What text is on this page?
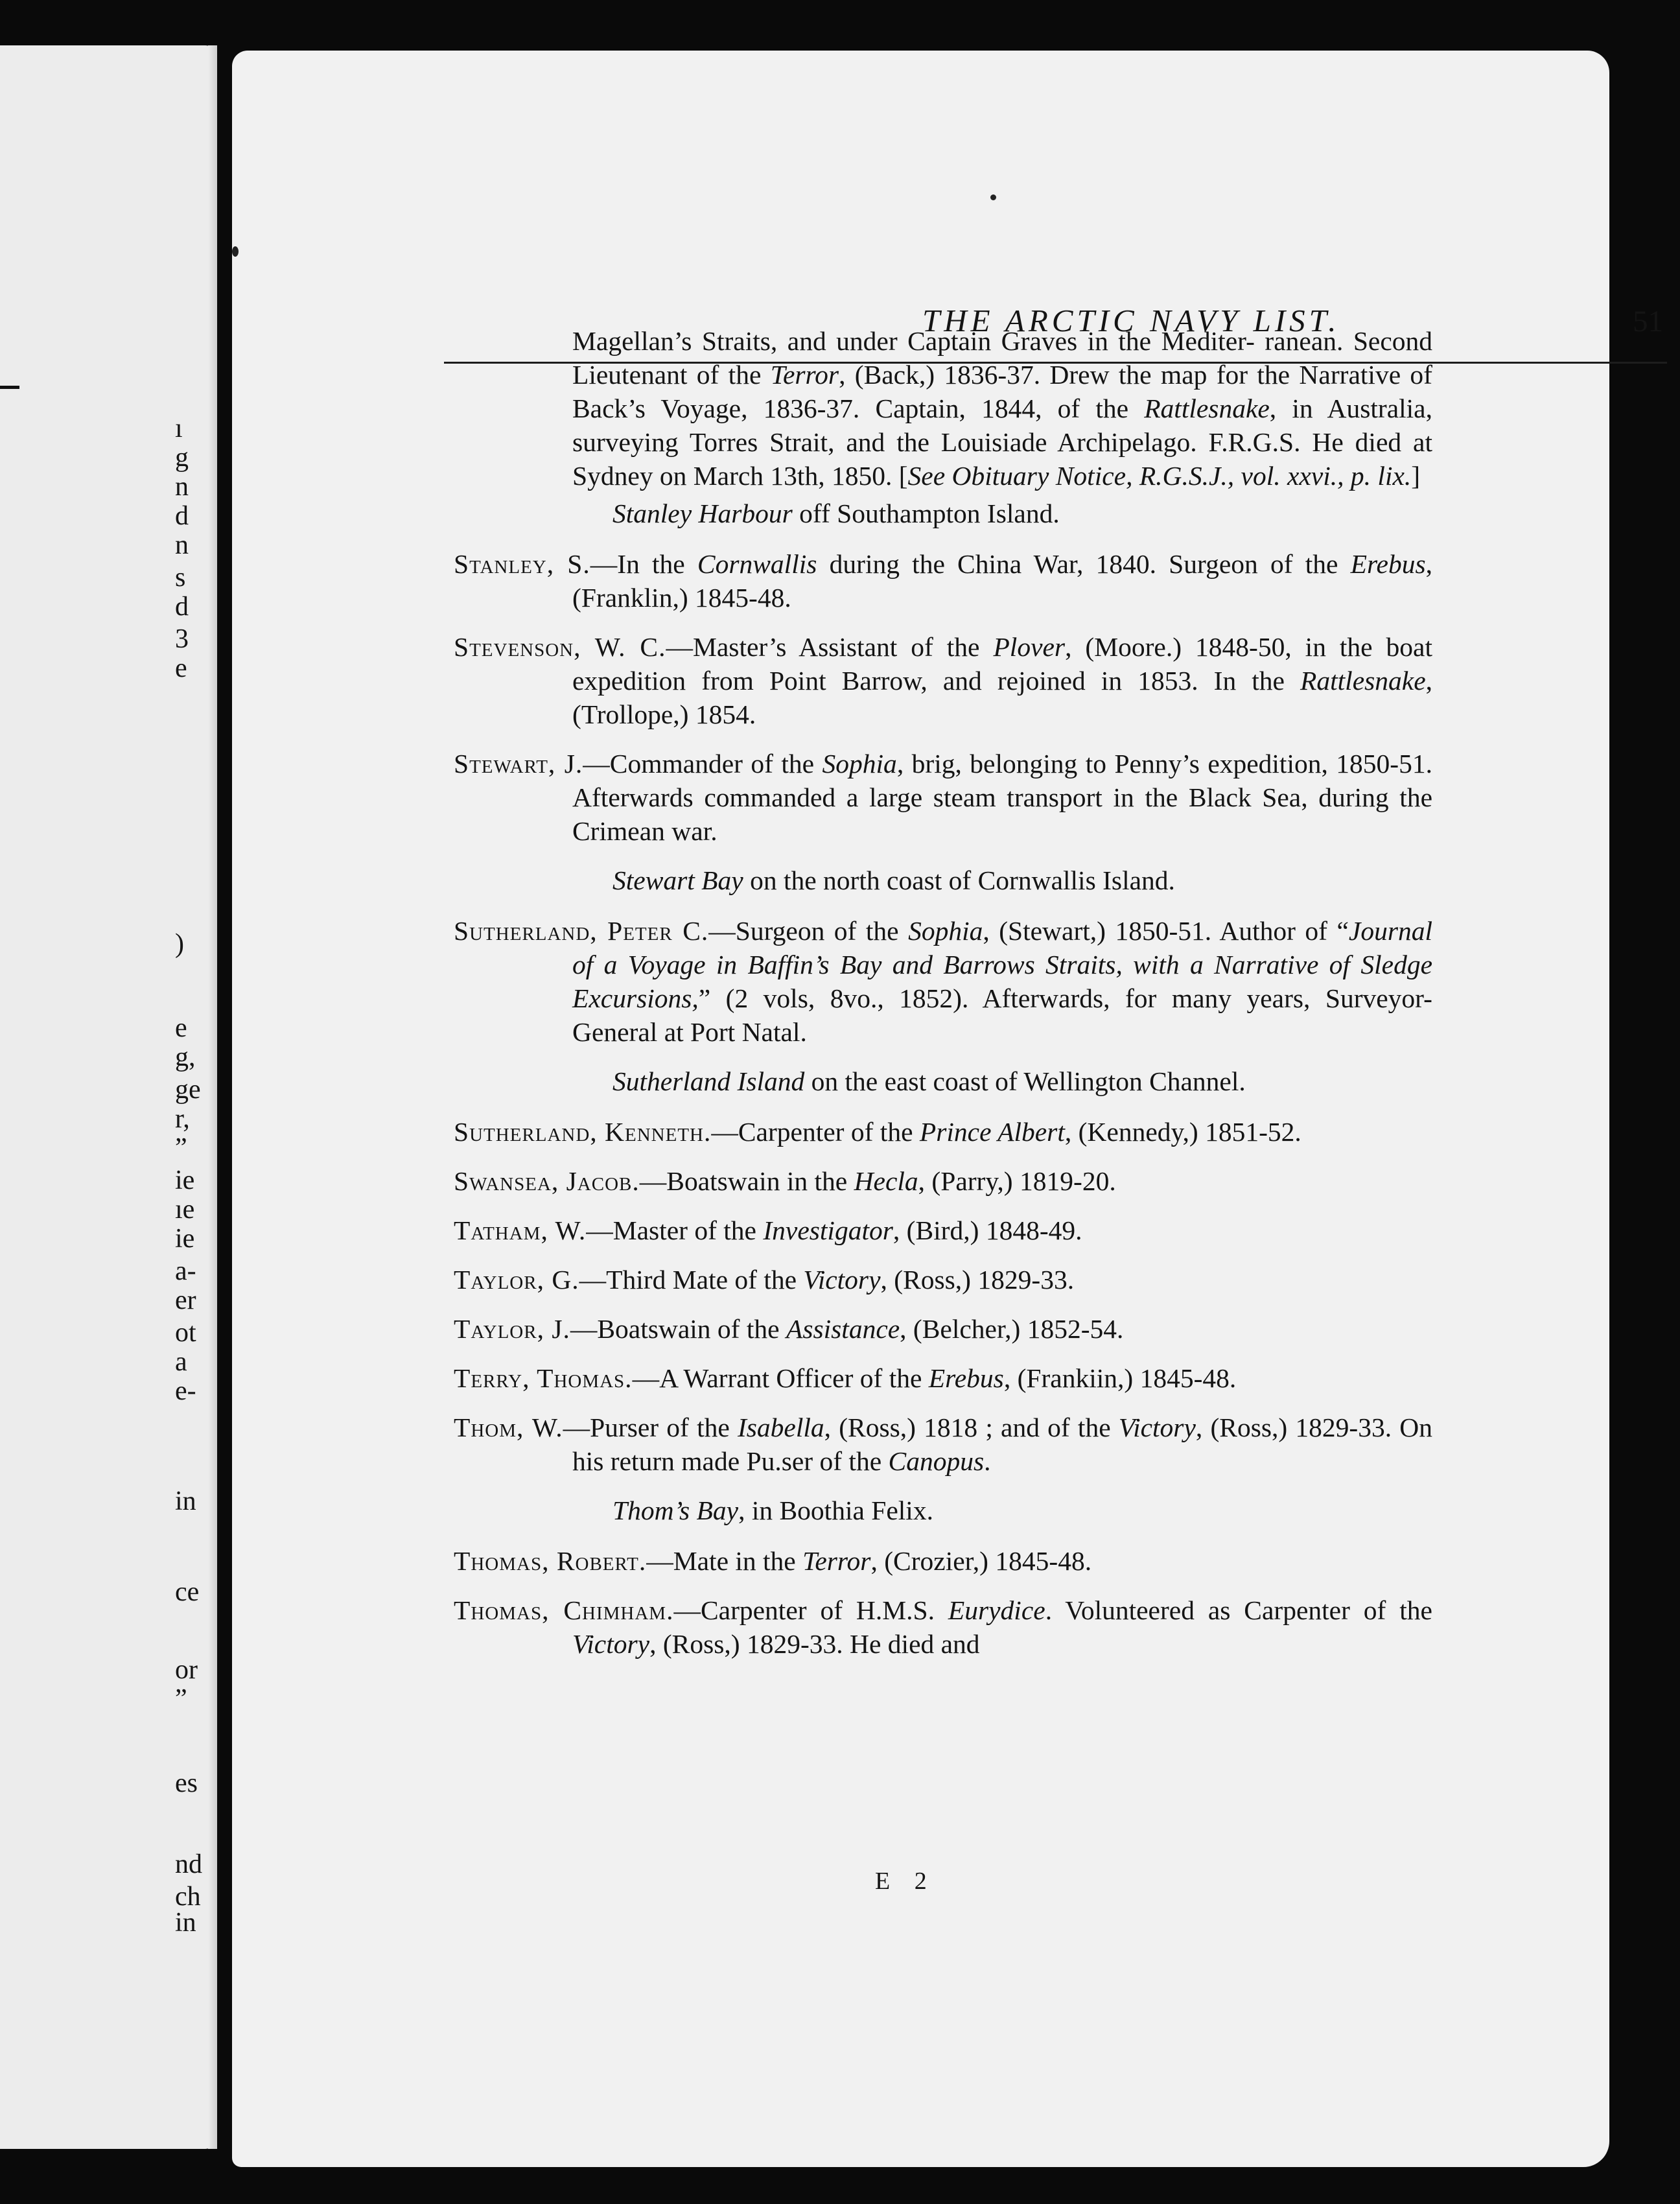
ı
g
n
d
n
s
d
3
e
)
e
g,
ge
r,
”
ie
ıe
ie
a-
er
ot
a
e-
in
ce
or
”
es
nd
ch
in
THE ARCTIC NAVY LIST.	51

Magellan’s Straits, and under Captain Graves in the Mediter- ranean. Second Lieutenant of the Terror, (Back,) 1836-37. Drew the map for the Narrative of Back’s Voyage, 1836-37. Captain, 1844, of the Rattlesnake, in Australia, surveying Torres Strait, and the Louisiade Archipelago. F.R.G.S. He died at Sydney on March 13th, 1850. [See Obituary Notice, R.G.S.J., vol. xxvi., p. lix.]

Stanley Harbour off Southampton Island.

Stanley, S.—In the Cornwallis during the China War, 1840. Surgeon of the Erebus, (Franklin,) 1845-48.

Stevenson, W. C.—Master’s Assistant of the Plover, (Moore.) 1848-50, in the boat expedition from Point Barrow, and rejoined in 1853. In the Rattlesnake, (Trollope,) 1854.

Stewart, J.—Commander of the Sophia, brig, belonging to Penny’s expedition, 1850-51. Afterwards commanded a large steam transport in the Black Sea, during the Crimean war.

Stewart Bay on the north coast of Cornwallis Island.

Sutherland, Peter C.—Surgeon of the Sophia, (Stewart,) 1850-51. Author of “Journal of a Voyage in Baffin’s Bay and Barrows Straits, with a Narrative of Sledge Excursions,” (2 vols, 8vo., 1852). Afterwards, for many years, Surveyor-General at Port Natal.

Sutherland Island on the east coast of Wellington Channel.

Sutherland, Kenneth.—Carpenter of the Prince Albert, (Kennedy,) 1851-52.

Swansea, Jacob.—Boatswain in the Hecla, (Parry,) 1819-20.

Tatham, W.—Master of the Investigator, (Bird,) 1848-49.

Taylor, G.—Third Mate of the Victory, (Ross,) 1829-33.

Taylor, J.—Boatswain of the Assistance, (Belcher,) 1852-54.

Terry, Thomas.—A Warrant Officer of the Erebus, (Frankiin,) 1845-48.

Thom, W.—Purser of the Isabella, (Ross,) 1818 ; and of the Victory, (Ross,) 1829-33. On his return made Pu.ser of the Canopus.

Thom’s Bay, in Boothia Felix.

Thomas, Robert.—Mate in the Terror, (Crozier,) 1845-48.

Thomas, Chimham.—Carpenter of H.M.S. Eurydice. Volunteered as Carpenter of the Victory, (Ross,) 1829-33. He died and

E 2
